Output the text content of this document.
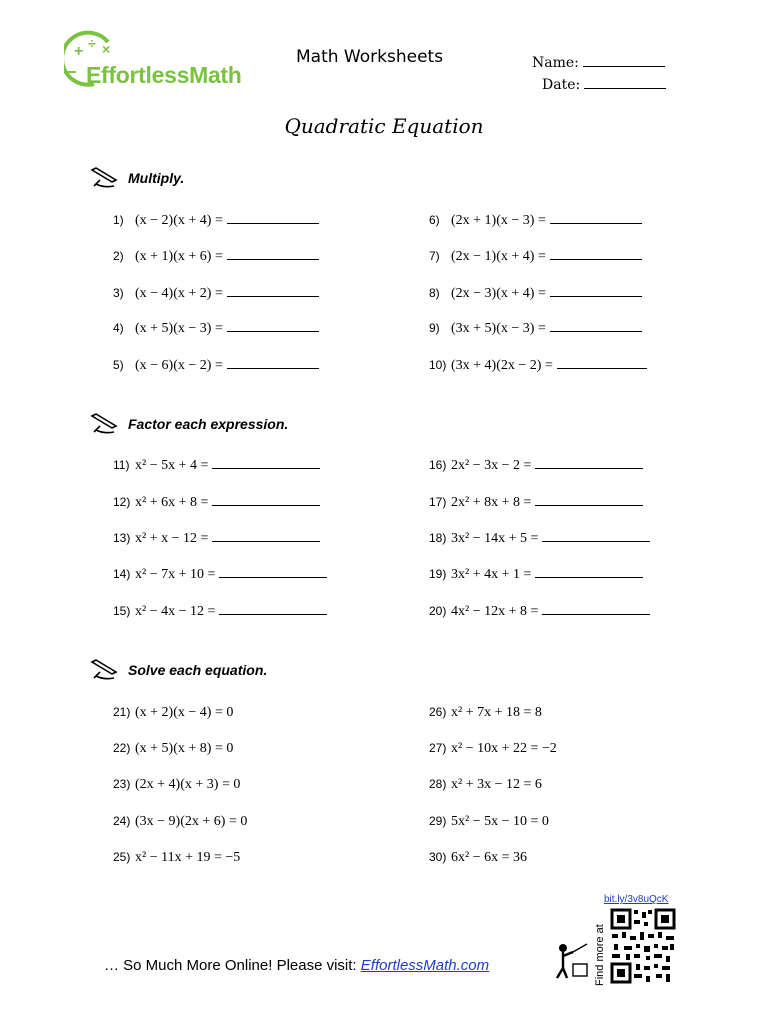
+ ÷ ×
− EffortlessMath
Math Worksheets	Name:
Date:
Quadratic Equation
Multiply.
1) (x − 2)(x + 4) =
2) (x + 1)(x + 6) =
3) (x − 4)(x + 2) =
4) (x + 5)(x − 3) =
5) (x − 6)(x − 2) =
6) (2x + 1)(x − 3) =
7) (2x − 1)(x + 4) =
8) (2x − 3)(x + 4) =
9) (3x + 5)(x − 3) =
10) (3x + 4)(2x − 2) =
Factor each expression.
11) x² − 5x + 4 =
12) x² + 6x + 8 =
13) x² + x − 12 =
14) x² − 7x + 10 =
15) x² − 4x − 12 =
16) 2x² − 3x − 2 =
17) 2x² + 8x + 8 =
18) 3x² − 14x + 5 =
19) 3x² + 4x + 1 =
20) 4x² − 12x + 8 =
Solve each equation.
21) (x + 2)(x − 4) = 0
22) (x + 5)(x + 8) = 0
23) (2x + 4)(x + 3) = 0
24) (3x − 9)(2x + 6) = 0
25) x² − 11x + 19 = −5
26) x² + 7x + 18 = 8
27) x² − 10x + 22 = −2
28) x² + 3x − 12 = 6
29) 5x² − 5x − 10 = 0
30) 6x² − 6x = 36
bit.ly/3v8uQcK
Find more at
… So Much More Online! Please visit: EffortlessMath.com
